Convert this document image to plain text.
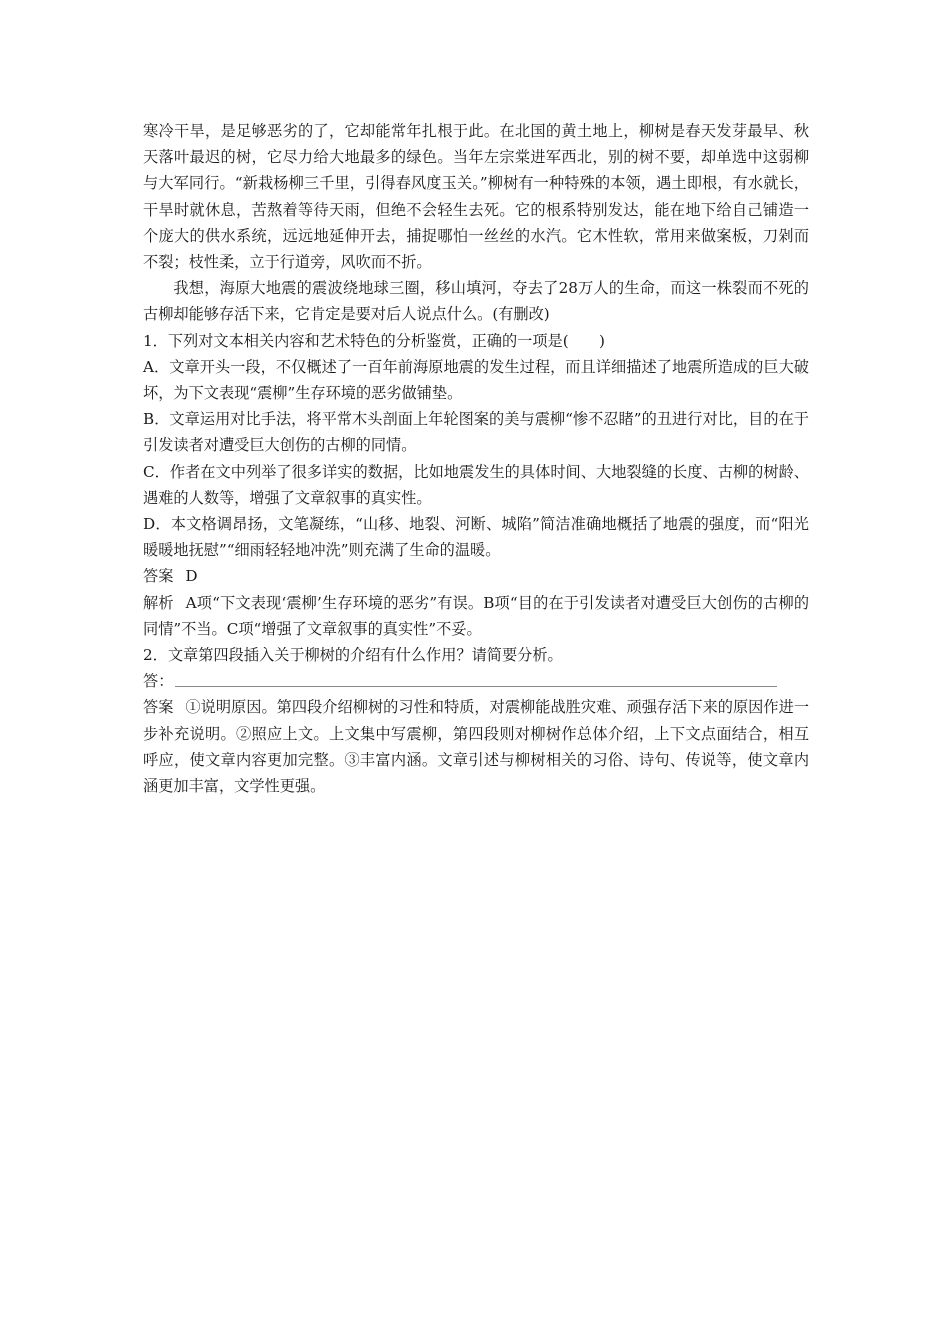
寒冷干旱，是足够恶劣的了，它却能常年扎根于此。在北国的黄土地上，柳树是春天发芽最早、秋天落叶最迟的树，它尽力给大地最多的绿色。当年左宗棠进军西北，别的树不要，却单选中这弱柳与大军同行。“新栽杨柳三千里，引得春风度玉关。”柳树有一种特殊的本领，遇土即根，有水就长，干旱时就休息，苦熬着等待天雨，但绝不会轻生去死。它的根系特别发达，能在地下给自己铺造一个庞大的供水系统，远远地延伸开去，捕捉哪怕一丝丝的水汽。它木性软，常用来做案板，刀剁而不裂；枝性柔，立于行道旁，风吹而不折。

我想，海原大地震的震波绕地球三圈，移山填河，夺去了28万人的生命，而这一株裂而不死的古柳却能够存活下来，它肯定是要对后人说点什么。(有删改)

1．下列对文本相关内容和艺术特色的分析鉴赏，正确的一项是(　　)

A．文章开头一段，不仅概述了一百年前海原地震的发生过程，而且详细描述了地震所造成的巨大破坏，为下文表现“震柳”生存环境的恶劣做铺垫。

B．文章运用对比手法，将平常木头剖面上年轮图案的美与震柳“惨不忍睹”的丑进行对比，目的在于引发读者对遭受巨大创伤的古柳的同情。

C．作者在文中列举了很多详实的数据，比如地震发生的具体时间、大地裂缝的长度、古柳的树龄、遇难的人数等，增强了文章叙事的真实性。

D．本文格调昂扬，文笔凝练，“山移、地裂、河断、城陷”简洁准确地概括了地震的强度，而“阳光暖暖地抚慰”“细雨轻轻地冲洗”则充满了生命的温暖。

答案 D

解析 A项“下文表现‘震柳’生存环境的恶劣”有误。B项“目的在于引发读者对遭受巨大创伤的古柳的同情”不当。C项“增强了文章叙事的真实性”不妥。

2．文章第四段插入关于柳树的介绍有什么作用？请简要分析。

答：

答案 ①说明原因。第四段介绍柳树的习性和特质，对震柳能战胜灾难、顽强存活下来的原因作进一步补充说明。②照应上文。上文集中写震柳，第四段则对柳树作总体介绍，上下文点面结合，相互呼应，使文章内容更加完整。③丰富内涵。文章引述与柳树相关的习俗、诗句、传说等，使文章内涵更加丰富，文学性更强。
